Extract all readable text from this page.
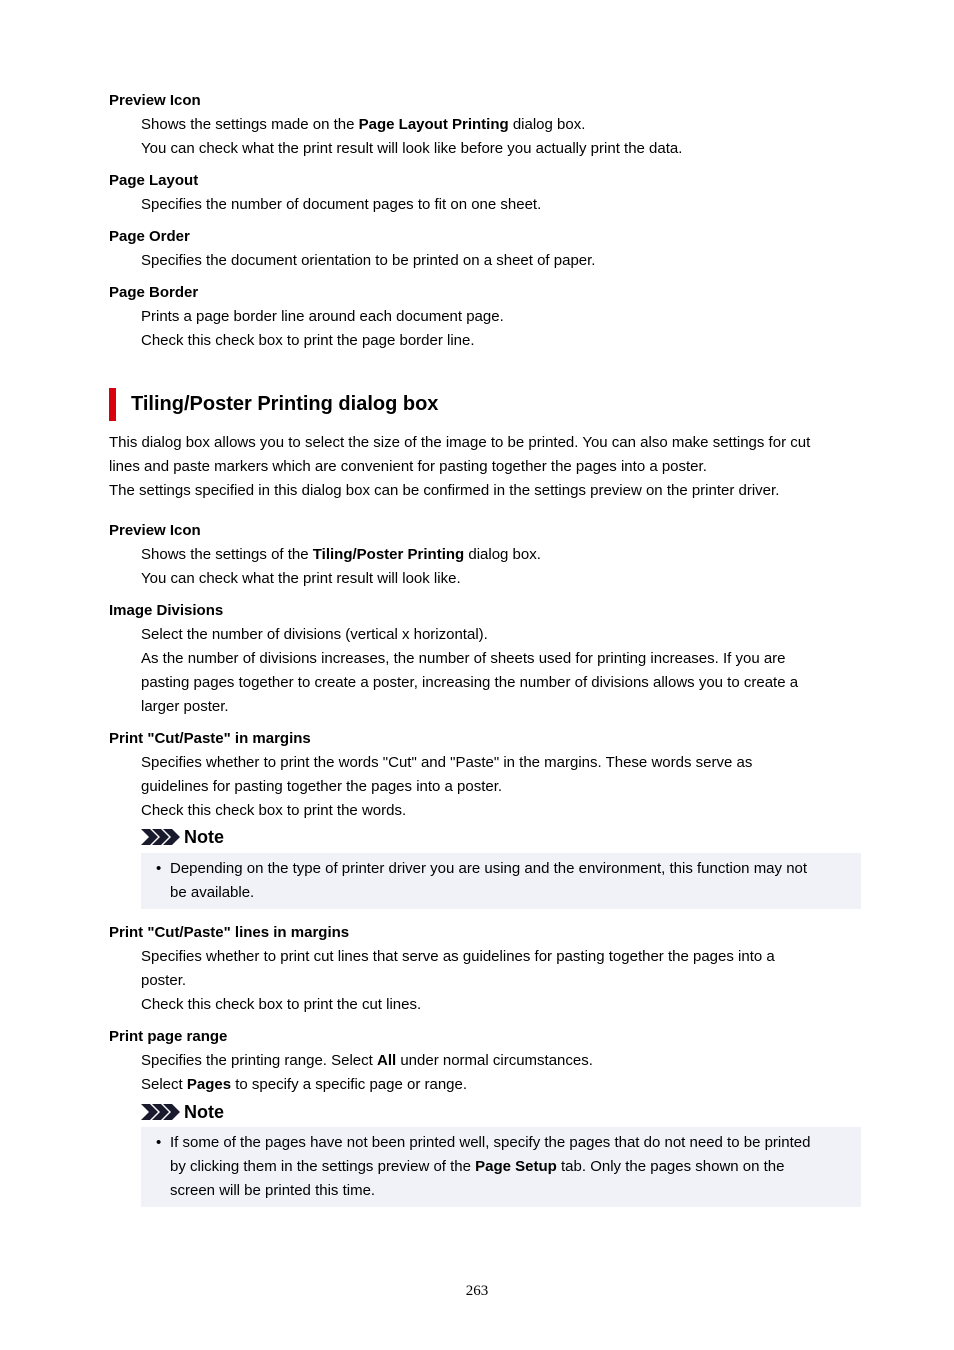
Preview Icon
Shows the settings made on the Page Layout Printing dialog box.
You can check what the print result will look like before you actually print the data.
Page Layout
Specifies the number of document pages to fit on one sheet.
Page Order
Specifies the document orientation to be printed on a sheet of paper.
Page Border
Prints a page border line around each document page.
Check this check box to print the page border line.
Tiling/Poster Printing dialog box
This dialog box allows you to select the size of the image to be printed. You can also make settings for cut
lines and paste markers which are convenient for pasting together the pages into a poster.
The settings specified in this dialog box can be confirmed in the settings preview on the printer driver.
Preview Icon
Shows the settings of the Tiling/Poster Printing dialog box.
You can check what the print result will look like.
Image Divisions
Select the number of divisions (vertical x horizontal).
As the number of divisions increases, the number of sheets used for printing increases. If you are
pasting pages together to create a poster, increasing the number of divisions allows you to create a
larger poster.
Print "Cut/Paste" in margins
Specifies whether to print the words "Cut" and "Paste" in the margins. These words serve as
guidelines for pasting together the pages into a poster.
Check this check box to print the words.
Note
• Depending on the type of printer driver you are using and the environment, this function may not
be available.
Print "Cut/Paste" lines in margins
Specifies whether to print cut lines that serve as guidelines for pasting together the pages into a
poster.
Check this check box to print the cut lines.
Print page range
Specifies the printing range. Select All under normal circumstances.
Select Pages to specify a specific page or range.
Note
• If some of the pages have not been printed well, specify the pages that do not need to be printed
by clicking them in the settings preview of the Page Setup tab. Only the pages shown on the
screen will be printed this time.
263
